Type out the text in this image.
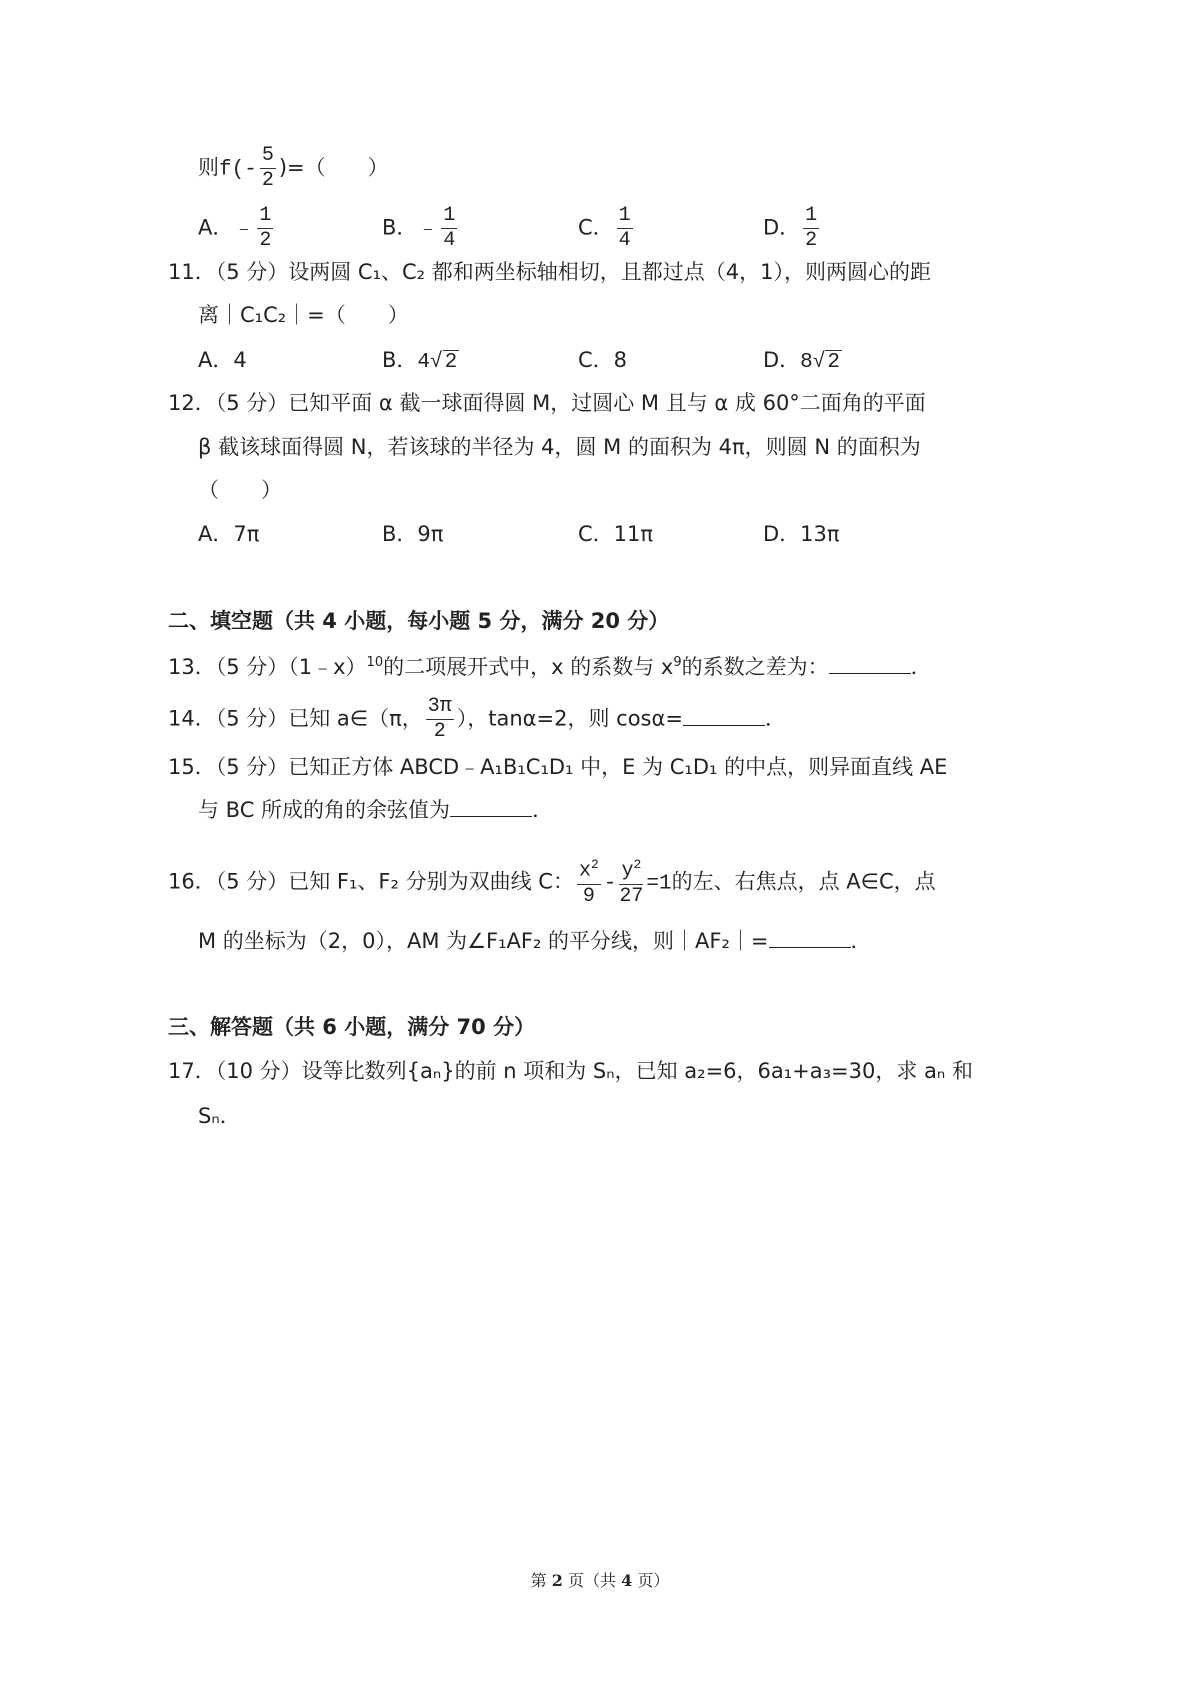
则$f(- \frac{5}{2}$ )=（　　）
A．﹣ $\frac{1}{2}$	B．﹣ $\frac{1}{4}$	C． $\frac{1}{4}$	D． $\frac{1}{2}$
11．（5 分）设两圆 C₁、C₂ 都和两坐标轴相切，且都过点（4，1），则两圆心的距
离｜C₁C₂｜=（　　）
A．4	B．4√2	C．8	D．8√2
12．（5 分）已知平面 α 截一球面得圆 M，过圆心 M 且与 α 成 60°二面角的平面
β 截该球面得圆 N，若该球的半径为 4，圆 M 的面积为 4π，则圆 N 的面积为
（　　）
A．7π	B．9π	C．11π	D．13π
二、填空题（共 4 小题，每小题 5 分，满分 20 分）
13．（5 分）（1﹣x）$^{10}$的二项展开式中，x 的系数与 $x^9$的系数之差为：	．
14．（5 分）已知 a∈（π， $\frac{3\pi}{2}$ ），tanα=2，则 cosα=	．
15．（5 分）已知正方体 ABCD﹣A₁B₁C₁D₁ 中，E 为 C₁D₁ 的中点，则异面直线 AE
与 BC 所成的角的余弦值为	．
16．（5 分）已知 F₁、F₂ 分别为双曲线 C： $\frac{x^2}{9} - \frac{y^2}{27} =1$的左、右焦点，点 A∈C，点
M 的坐标为（2，0），AM 为∠F₁AF₂ 的平分线，则｜AF₂｜=	．
三、解答题（共 6 小题，满分 70 分）
17．（10 分）设等比数列{aₙ}的前 n 项和为 Sₙ，已知 a₂=6，6a₁+a₃=30，求 aₙ 和
Sₙ．
第 2 页（共 4 页）
